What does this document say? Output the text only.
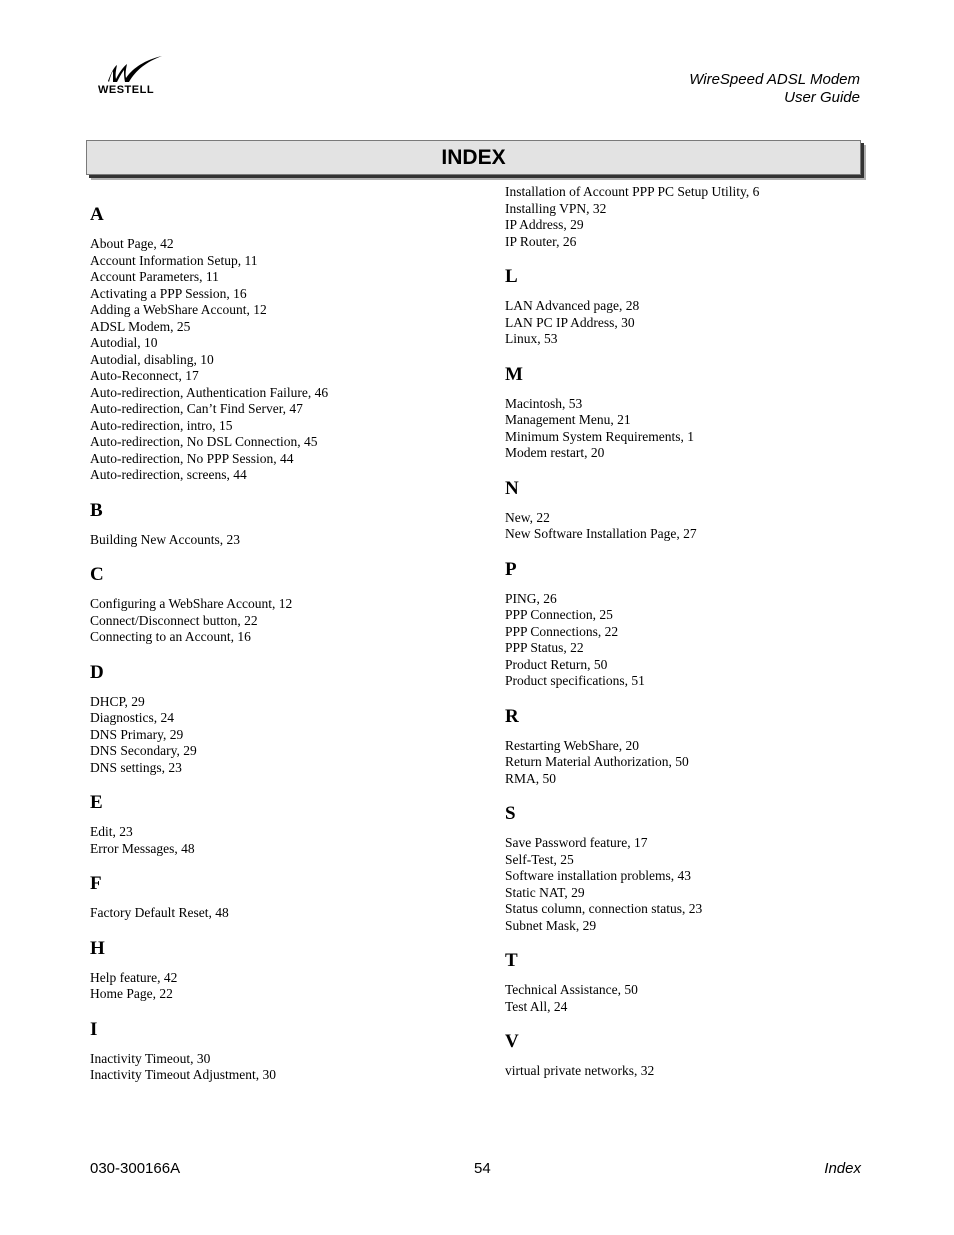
WESTELL
WireSpeed ADSL Modem
User Guide
INDEX
A
About Page, 42
Account Information Setup, 11
Account Parameters, 11
Activating a PPP Session, 16
Adding a WebShare Account, 12
ADSL Modem, 25
Autodial, 10
Autodial, disabling, 10
Auto-Reconnect, 17
Auto-redirection, Authentication Failure, 46
Auto-redirection, Can’t Find Server, 47
Auto-redirection, intro, 15
Auto-redirection, No DSL Connection, 45
Auto-redirection, No PPP Session, 44
Auto-redirection, screens, 44
B
Building New Accounts, 23
C
Configuring a WebShare Account, 12
Connect/Disconnect button, 22
Connecting to an Account, 16
D
DHCP, 29
Diagnostics, 24
DNS Primary, 29
DNS Secondary, 29
DNS settings, 23
E
Edit, 23
Error Messages, 48
F
Factory Default Reset, 48
H
Help feature, 42
Home Page, 22
I
Inactivity Timeout, 30
Inactivity Timeout Adjustment, 30
Installation of Account PPP PC Setup Utility, 6
Installing VPN, 32
IP Address, 29
IP Router, 26
L
LAN Advanced page, 28
LAN PC IP Address, 30
Linux, 53
M
Macintosh, 53
Management Menu, 21
Minimum System Requirements, 1
Modem restart, 20
N
New, 22
New Software Installation Page, 27
P
PING, 26
PPP Connection, 25
PPP Connections, 22
PPP Status, 22
Product Return, 50
Product specifications, 51
R
Restarting WebShare, 20
Return Material Authorization, 50
RMA, 50
S
Save Password feature, 17
Self-Test, 25
Software installation problems, 43
Static NAT, 29
Status column, connection status, 23
Subnet Mask, 29
T
Technical Assistance, 50
Test All, 24
V
virtual private networks, 32
030-300166A	54	Index
